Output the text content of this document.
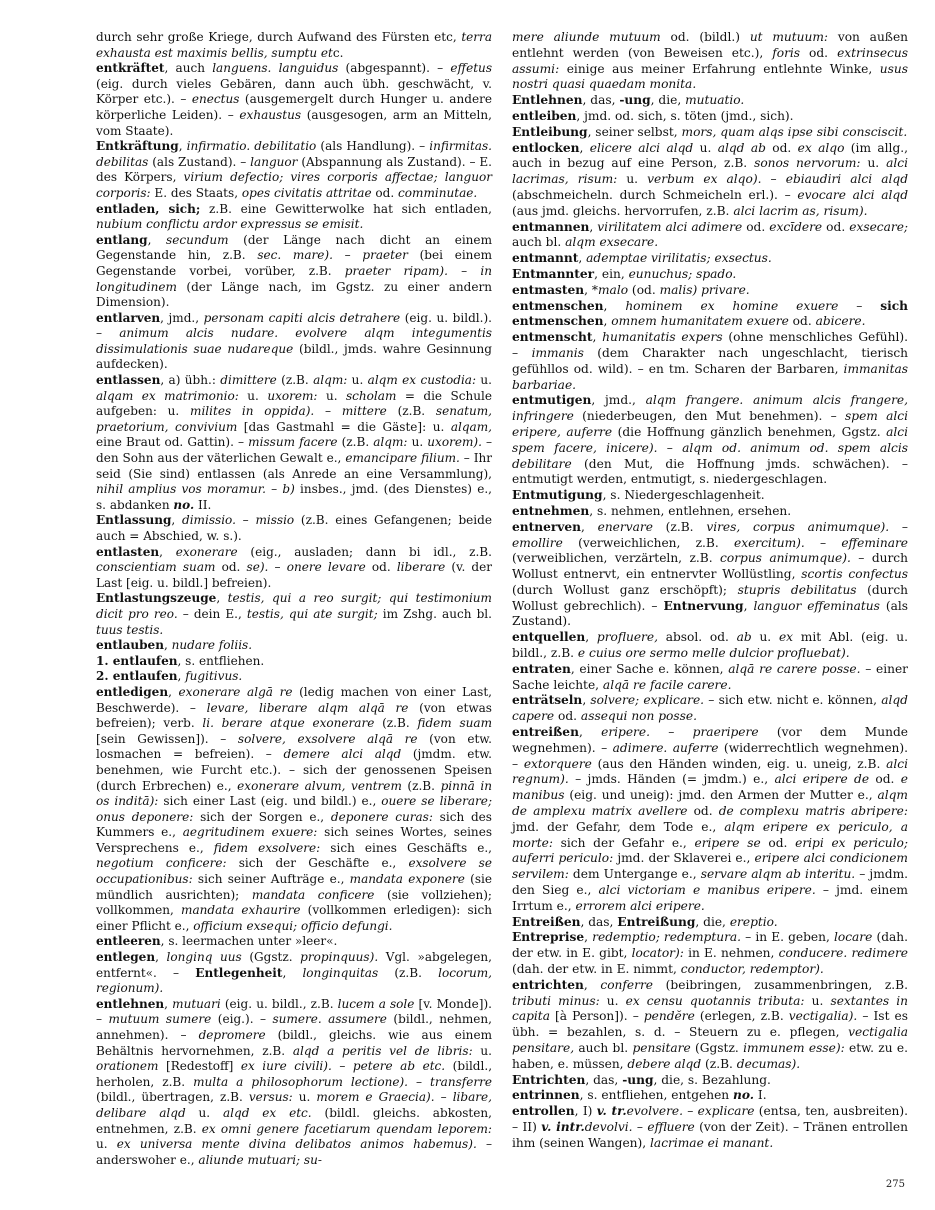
durch sehr große Kriege, durch Aufwand des Fürsten etc, terra exhausta est maximis bellis, sumptu etc.

entkräftet, auch languens. languidus (abgespannt). – effetus (eig. durch vieles Gebären, dann auch übh. geschwächt, v. Körper etc.). – enectus (ausgemergelt durch Hunger u. andere körperliche Leiden). – exhaustus (ausgesogen, arm an Mitteln, vom Staate).

Entkräftung, infirmatio. debilitatio (als Handlung). – infirmitas. debilitas (als Zustand). – languor (Abspannung als Zustand). – E. des Körpers, virium defectio; vires corporis affectae; languor corporis: E. des Staats, opes civitatis attritae od. comminutae.

entladen, sich; z.B. eine Gewitterwolke hat sich entladen, nubium conflictu ardor expressus se emisit.

entlang, secundum (der Länge nach dicht an einem Gegenstande hin, z.B. sec. mare). – praeter (bei einem Gegenstande vorbei, vorüber, z.B. praeter ripam). – in longitudinem (der Länge nach, im Ggstz. zu einer andern Dimension).

entlarven, jmd., personam capiti alcis detrahere (eig. u. bildl.). – animum alcis nudare. evolvere alqm integumentis dissimulationis suae nudareque (bildl., jmds. wahre Gesinnung aufdecken).

entlassen, a) übh.: dimittere (z.B. alqm: u. alqm ex custodia: u. alqam ex matrimonio: u. uxorem: u. scholam = die Schule aufgeben: u. milites in oppida). – mittere (z.B. senatum, praetorium, convivium [das Gastmahl = die Gäste]: u. alqam, eine Braut od. Gattin). – missum facere (z.B. alqm: u. uxorem). – den Sohn aus der väterlichen Gewalt e., emancipare filium. – Ihr seid (Sie sind) entlassen (als Anrede an eine Versammlung), nihil amplius vos moramur. – b) insbes., jmd. (des Dienstes) e., s. abdanken no. II.

Entlassung, dimissio. – missio (z.B. eines Gefangenen; beide auch = Abschied, w. s.).

entlasten, exonerare (eig., ausladen; dann bi idl., z.B. conscientiam suam od. se). – onere levare od. liberare (v. der Last [eig. u. bildl.] befreien).

Entlastungszeuge, testis, qui a reo surgit; qui testimonium dicit pro reo. – dein E., testis, qui ate surgit; im Zshg. auch bl. tuus testis.

entlauben, nudare foliis.

1. entlaufen, s. entfliehen.

2. entlaufen, fugitivus.

entledigen, exonerare algā re (ledig machen von einer Last, Beschwerde). – levare, liberare alqm alqā re (von etwas befreien); verb. li. berare atque exonerare (z.B. fidem suam [sein Gewissen]). – solvere, exsolvere alqā re (von etw. losmachen = befreien). – demere alci alqd (jmdm. etw. benehmen, wie Furcht etc.). – sich der genossenen Speisen (durch Erbrechen) e., exonerare alvum, ventrem (z.B. pinnā in os inditā): sich einer Last (eig. und bildl.) e., ouere se liberare; onus deponere: sich der Sorgen e., deponere curas: sich des Kummers e., aegritudinem exuere: sich seines Wortes, seines Versprechens e., fidem exsolvere: sich eines Geschäfts e., negotium conficere: sich der Geschäfte e., exsolvere se occupationibus: sich seiner Aufträge e., mandata exponere (sie mündlich ausrichten); mandata conficere (sie vollziehen); vollkommen, mandata exhaurire (vollkommen erledigen): sich einer Pflicht e., officium exsequi; officio defungi.

entleeren, s. leermachen unter »leer«.

entlegen, longinq uus (Ggstz. propinquus). Vgl. »abgelegen, entfernt«. – Entlegenheit, longinquitas (z.B. locorum, regionum).

entlehnen, mutuari (eig. u. bildl., z.B. lucem a sole [v. Monde]). – mutuum sumere (eig.). – sumere. assumere (bildl., nehmen, annehmen). – depromere (bildl., gleichs. wie aus einem Behältnis hervornehmen, z.B. alqd a peritis vel de libris: u. orationem [Redestoff] ex iure civili). – petere ab etc. (bildl., herholen, z.B. multa a philosophorum lectione). – transferre (bildl., übertragen, z.B. versus: u. morem e Graecia). – libare, delibare alqd u. alqd ex etc. (bildl. gleichs. abkosten, entnehmen, z.B. ex omni genere facetiarum quendam leporem: u. ex universa mente divina delibatos animos habemus). – anderswoher e., aliunde mutuari; su-

mere aliunde mutuum od. (bildl.) ut mutuum: von außen entlehnt werden (von Beweisen etc.), foris od. extrinsecus assumi: einige aus meiner Erfahrung entlehnte Winke, usus nostri quasi quaedam monita.

Entlehnen, das, -ung, die, mutuatio.

entleiben, jmd. od. sich, s. töten (jmd., sich).

Entleibung, seiner selbst, mors, quam alqs ipse sibi consciscit.

entlocken, elicere alci alqd u. alqd ab od. ex alqo (im allg., auch in bezug auf eine Person, z.B. sonos nervorum: u. alci lacrimas, risum: u. verbum ex alqo). – ebiaudiri alci alqd (abschmeicheln. durch Schmeicheln erl.). – evocare alci alqd (aus jmd. gleichs. hervorrufen, z.B. alci lacrim as, risum).

entmannen, virilitatem alci adimere od. excīdere od. exsecare; auch bl. alqm exsecare.

entmannt, ademptae virilitatis; exsectus.

Entmannter, ein, eunuchus; spado.

entmasten, *malo (od. malis) privare.

entmenschen, hominem ex homine exuere – sich entmenschen, omnem humanitatem exuere od. abicere.

entmenscht, humanitatis expers (ohne menschliches Gefühl). – immanis (dem Charakter nach ungeschlacht, tierisch gefühllos od. wild). – en tm. Scharen der Barbaren, immanitas barbariae.

entmutigen, jmd., alqm frangere. animum alcis frangere, infringere (niederbeugen, den Mut benehmen). – spem alci eripere, auferre (die Hoffnung gänzlich benehmen, Ggstz. alci spem facere, inicere). – alqm od. animum od. spem alcis debilitare (den Mut, die Hoffnung jmds. schwächen). – entmutigt werden, entmutigt, s. niedergeschlagen.

Entmutigung, s. Niedergeschlagenheit.

entnehmen, s. nehmen, entlehnen, ersehen.

entnerven, enervare (z.B. vires, corpus animumque). – emollire (verweichlichen, z.B. exercitum). – effeminare (verweiblichen, verzärteln, z.B. corpus animumque). – durch Wollust entnervt, ein entnervter Wollüstling, scortis confectus (durch Wollust ganz erschöpft); stupris debilitatus (durch Wollust gebrechlich). – Entnervung, languor effeminatus (als Zustand).

entquellen, profluere, absol. od. ab u. ex mit Abl. (eig. u. bildl., z.B. e cuius ore sermo melle dulcior profluebat).

entraten, einer Sache e. können, alqā re carere posse. – einer Sache leichte, alqā re facile carere.

enträtseln, solvere; explicare. – sich etw. nicht e. können, alqd capere od. assequi non posse.

entreißen, eripere. – praeripere (vor dem Munde wegnehmen). – adimere. auferre (widerrechtlich wegnehmen). – extorquere (aus den Händen winden, eig. u. uneig, z.B. alci regnum). – jmds. Händen (= jmdm.) e., alci eripere de od. e manibus (eig. und uneig): jmd. den Armen der Mutter e., alqm de amplexu matrix avellere od. de complexu matris abripere: jmd. der Gefahr, dem Tode e., alqm eripere ex periculo, a morte: sich der Gefahr e., eripere se od. eripi ex periculo; auferri periculo: jmd. der Sklaverei e., eripere alci condicionem servilem: dem Untergange e., servare alqm ab interitu. – jmdm. den Sieg e., alci victoriam e manibus eripere. – jmd. einem Irrtum e., errorem alci eripere.

Entreißen, das, Entreißung, die, ereptio.

Entreprise, redemptio; redemptura. – in E. geben, locare (dah. der etw. in E. gibt, locator): in E. nehmen, conducere. redimere (dah. der etw. in E. nimmt, conductor, redemptor).

entrichten, conferre (beibringen, zusammenbringen, z.B. tributi minus: u. ex censu quotannis tributa: u. sextantes in capita [à Person]). – pendĕre (erlegen, z.B. vectigalia). – Ist es übh. = bezahlen, s. d. – Steuern zu e. pflegen, vectigalia pensitare, auch bl. pensitare (Ggstz. immunem esse): etw. zu e. haben, e. müssen, debere alqd (z.B. decumas).

Entrichten, das, -ung, die, s. Bezahlung.

entrinnen, s. entfliehen, entgehen no. I.

entrollen, I) v. tr.evolvere. – explicare (entsa, ten, ausbreiten). – II) v. intr.devolvi. – effluere (von der Zeit). – Tränen entrollen ihm (seinen Wangen), lacrimae ei manant.

275
